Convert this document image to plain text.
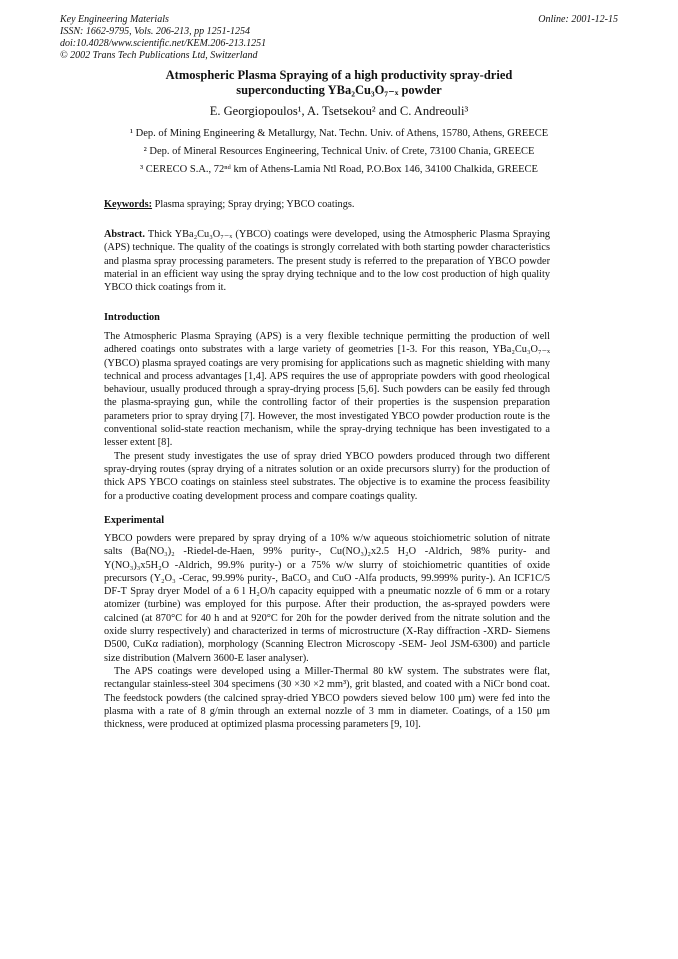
Key Engineering Materials
ISSN: 1662-9795, Vols. 206-213, pp 1251-1254
doi:10.4028/www.scientific.net/KEM.206-213.1251
© 2002 Trans Tech Publications Ltd, Switzerland
Online: 2001-12-15
Atmospheric Plasma Spraying of a high productivity spray-dried
superconducting YBa₂Cu₃O₇₋ₓ powder
E. Georgiopoulos¹, A. Tsetsekou² and C. Andreouli³
¹ Dep. of Mining Engineering & Metallurgy, Nat. Techn. Univ. of Athens, 15780, Athens, GREECE
² Dep. of Mineral Resources Engineering, Technical Univ. of Crete, 73100 Chania, GREECE
³ CERECO S.A., 72ⁿᵈ km of Athens-Lamia Ntl Road, P.O.Box 146, 34100 Chalkida, GREECE
Keywords: Plasma spraying; Spray drying; YBCO coatings.

Abstract. Thick YBa₂Cu₃O₇₋ₓ (YBCO) coatings were developed, using the Atmospheric Plasma Spraying (APS) technique. The quality of the coatings is strongly correlated with both starting powder characteristics and plasma spray processing parameters. The present study is referred to the preparation of YBCO powder material in an efficient way using the spray drying technique and to the low cost production of high quality YBCO thick coatings from it.

Introduction

The Atmospheric Plasma Spraying (APS) is a very flexible technique permitting the production of well adhered coatings onto substrates with a large variety of geometries [1-3. For this reason, YBa₂Cu₃O₇₋ₓ (YBCO) plasma sprayed coatings are very promising for applications such as magnetic shielding with many technical and process advantages [1,4]. APS requires the use of appropriate powders with good rheological behaviour, usually produced through a spray-drying process [5,6]. Such powders can be easily fed through the plasma-spraying gun, while the controlling factor of their properties is the suspension preparation parameters prior to spray drying [7]. However, the most investigated YBCO powder production route is the conventional solid-state reaction mechanism, while the spray-drying technique has been investigated to a lesser extent [8].

The present study investigates the use of spray dried YBCO powders produced through two different spray-drying routes (spray drying of a nitrates solution or an oxide precursors slurry) for the production of thick APS YBCO coatings on stainless steel substrates. The objective is to examine the process feasibility for a productive coating development process and compare coatings quality.

Experimental

YBCO powders were prepared by spray drying of a 10% w/w aqueous stoichiometric solution of nitrate salts (Ba(NO₃)₂ -Riedel-de-Haen, 99% purity-, Cu(NO₃)₂x2.5 H₂O -Aldrich, 98% purity- and Y(NO₃)₃x5H₂O -Aldrich, 99.9% purity-) or a 75% w/w slurry of stoichiometric quantities of oxide precursors (Y₂O₃ -Cerac, 99.99% purity-, BaCO₃ and CuO -Alfa products, 99.999% purity-). An ICF1C/5 DF-T Spray dryer Model of a 6 l H₂O/h capacity equipped with a pneumatic nozzle of 6 mm or a rotary atomizer (turbine) was employed for this purpose. After their production, the as-sprayed powders were calcined (at 870°C for 40 h and at 920°C for 20h for the powder derived from the nitrate solution and the oxide slurry respectively) and characterized in terms of microstructure (X-Ray diffraction -XRD- Siemens D500, CuKα radiation), morphology (Scanning Electron Microscopy -SEM- Jeol JSM-6300) and particle size distribution (Malvern 3600-E laser analyser).

The APS coatings were developed using a Miller-Thermal 80 kW system. The substrates were flat, rectangular stainless-steel 304 specimens (30 ×30 ×2 mm³), grit blasted, and coated with a NiCr bond coat. The feedstock powders (the calcined spray-dried YBCO powders sieved below 100 μm) were fed into the plasma with a rate of 8 g/min through an external nozzle of 3 mm in diameter. Coatings, of a 150 μm thickness, were produced at optimized plasma processing parameters [9, 10].
